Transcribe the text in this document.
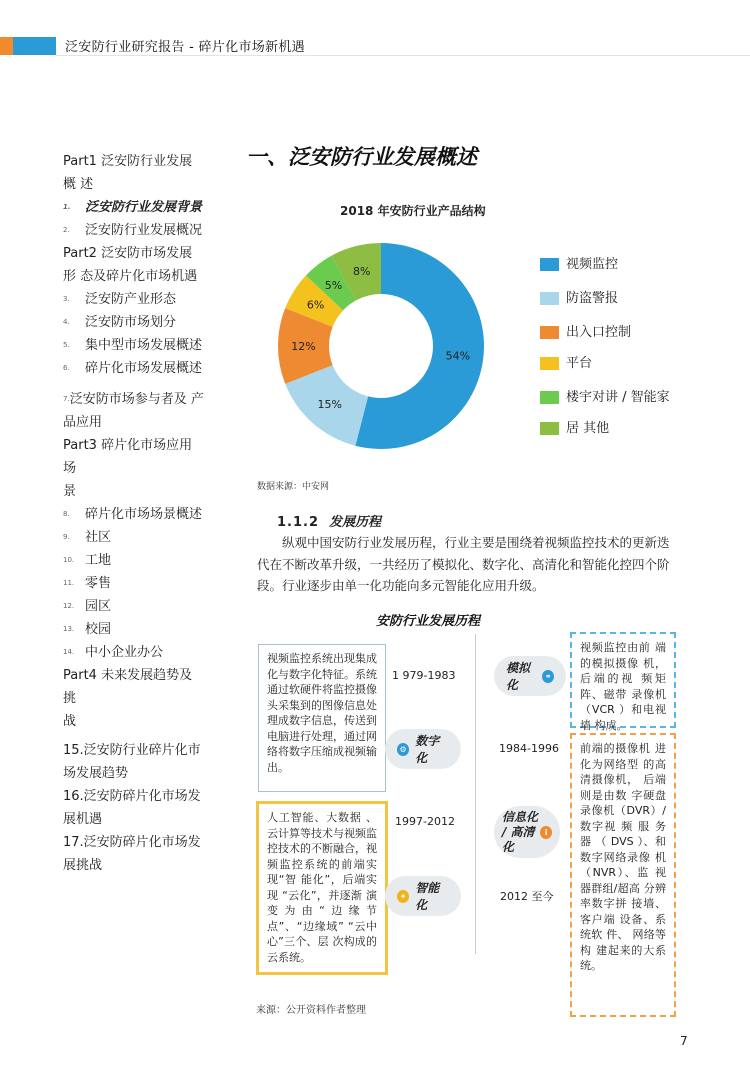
泛安防行业研究报告 - 碎片化市场新机遇

Part1 泛安防行业发展

概 述

1. 泛安防行业发展背景

2. 泛安防行业发展概况

Part2 泛安防市场发展

形 态及碎片化市场机遇

3. 泛安防产业形态

4. 泛安防市场划分

5. 集中型市场发展概述

6. 碎片化市场发展概述

7.泛安防市场参与者及 产

品应用

Part3 碎片化市场应用

场

景

8. 碎片化市场场景概述

9. 社区

10. 工地

11. 零售

12. 园区

13. 校园

14. 中小企业办公

Part4 未来发展趋势及

挑

战

15.泛安防行业碎片化市

场发展趋势

16.泛安防碎片化市场发

展机遇

17.泛安防碎片化市场发

展挑战

一、泛安防行业发展概述
2018 年安防行业产品结构
54%
15%
12%
6%
5%
8%	视频监控
防盗警报
出入口控制
平台
楼宇对讲 / 智能家
居 其他
数据来源：中安网
1.1.2 发展历程
纵观中国安防行业发展历程，行业主要是围绕着视频监控技术的更新迭代在不断改革升级，一共经历了模拟化、数字化、高清化和智能化控四个阶段。行业逐步由单一化功能向多元智能化应用升级。
安防行业发展历程
视频监控系统出现集成化与数字化特征。系统通过软硬件将监控摄像头采集到的图像信息处理成数字信息，传送到电脑进行处理，通过网络将数字压缩成视频输出。
视频监控由前 端的模拟摄像 机，后端的视 频矩阵、磁带 录像机（VCR ）和电视墙 构成。
前端的摄像机 进化为网络型 的高清摄像机， 后端则是由数 字硬盘录像机（DVR）/数字视 频 服 务 器 （ DVS ）、和 数字网络录像 机（NVR）、监 视器群组/超高 分辨率数字拼 接墙、客户端 设备、系统软 件、 网络等构 建起来的大系 统。
人工智能、大数据 、云计算等技术与视频监控技术的不断融合，视频监控系统的前端实现“智 能化”，后端实现 “云化”，并逐渐 演变为由“边缘节 点”、“边缘域” “云中心”三个、层 次构成的云系统。
1 979-1983
1984-1996
1997-2012
2012 至今
模拟化
⚭
⚙
数字化
信息化 / 高清化
i
✦
智能化
来源：公开资料作者整理
7
